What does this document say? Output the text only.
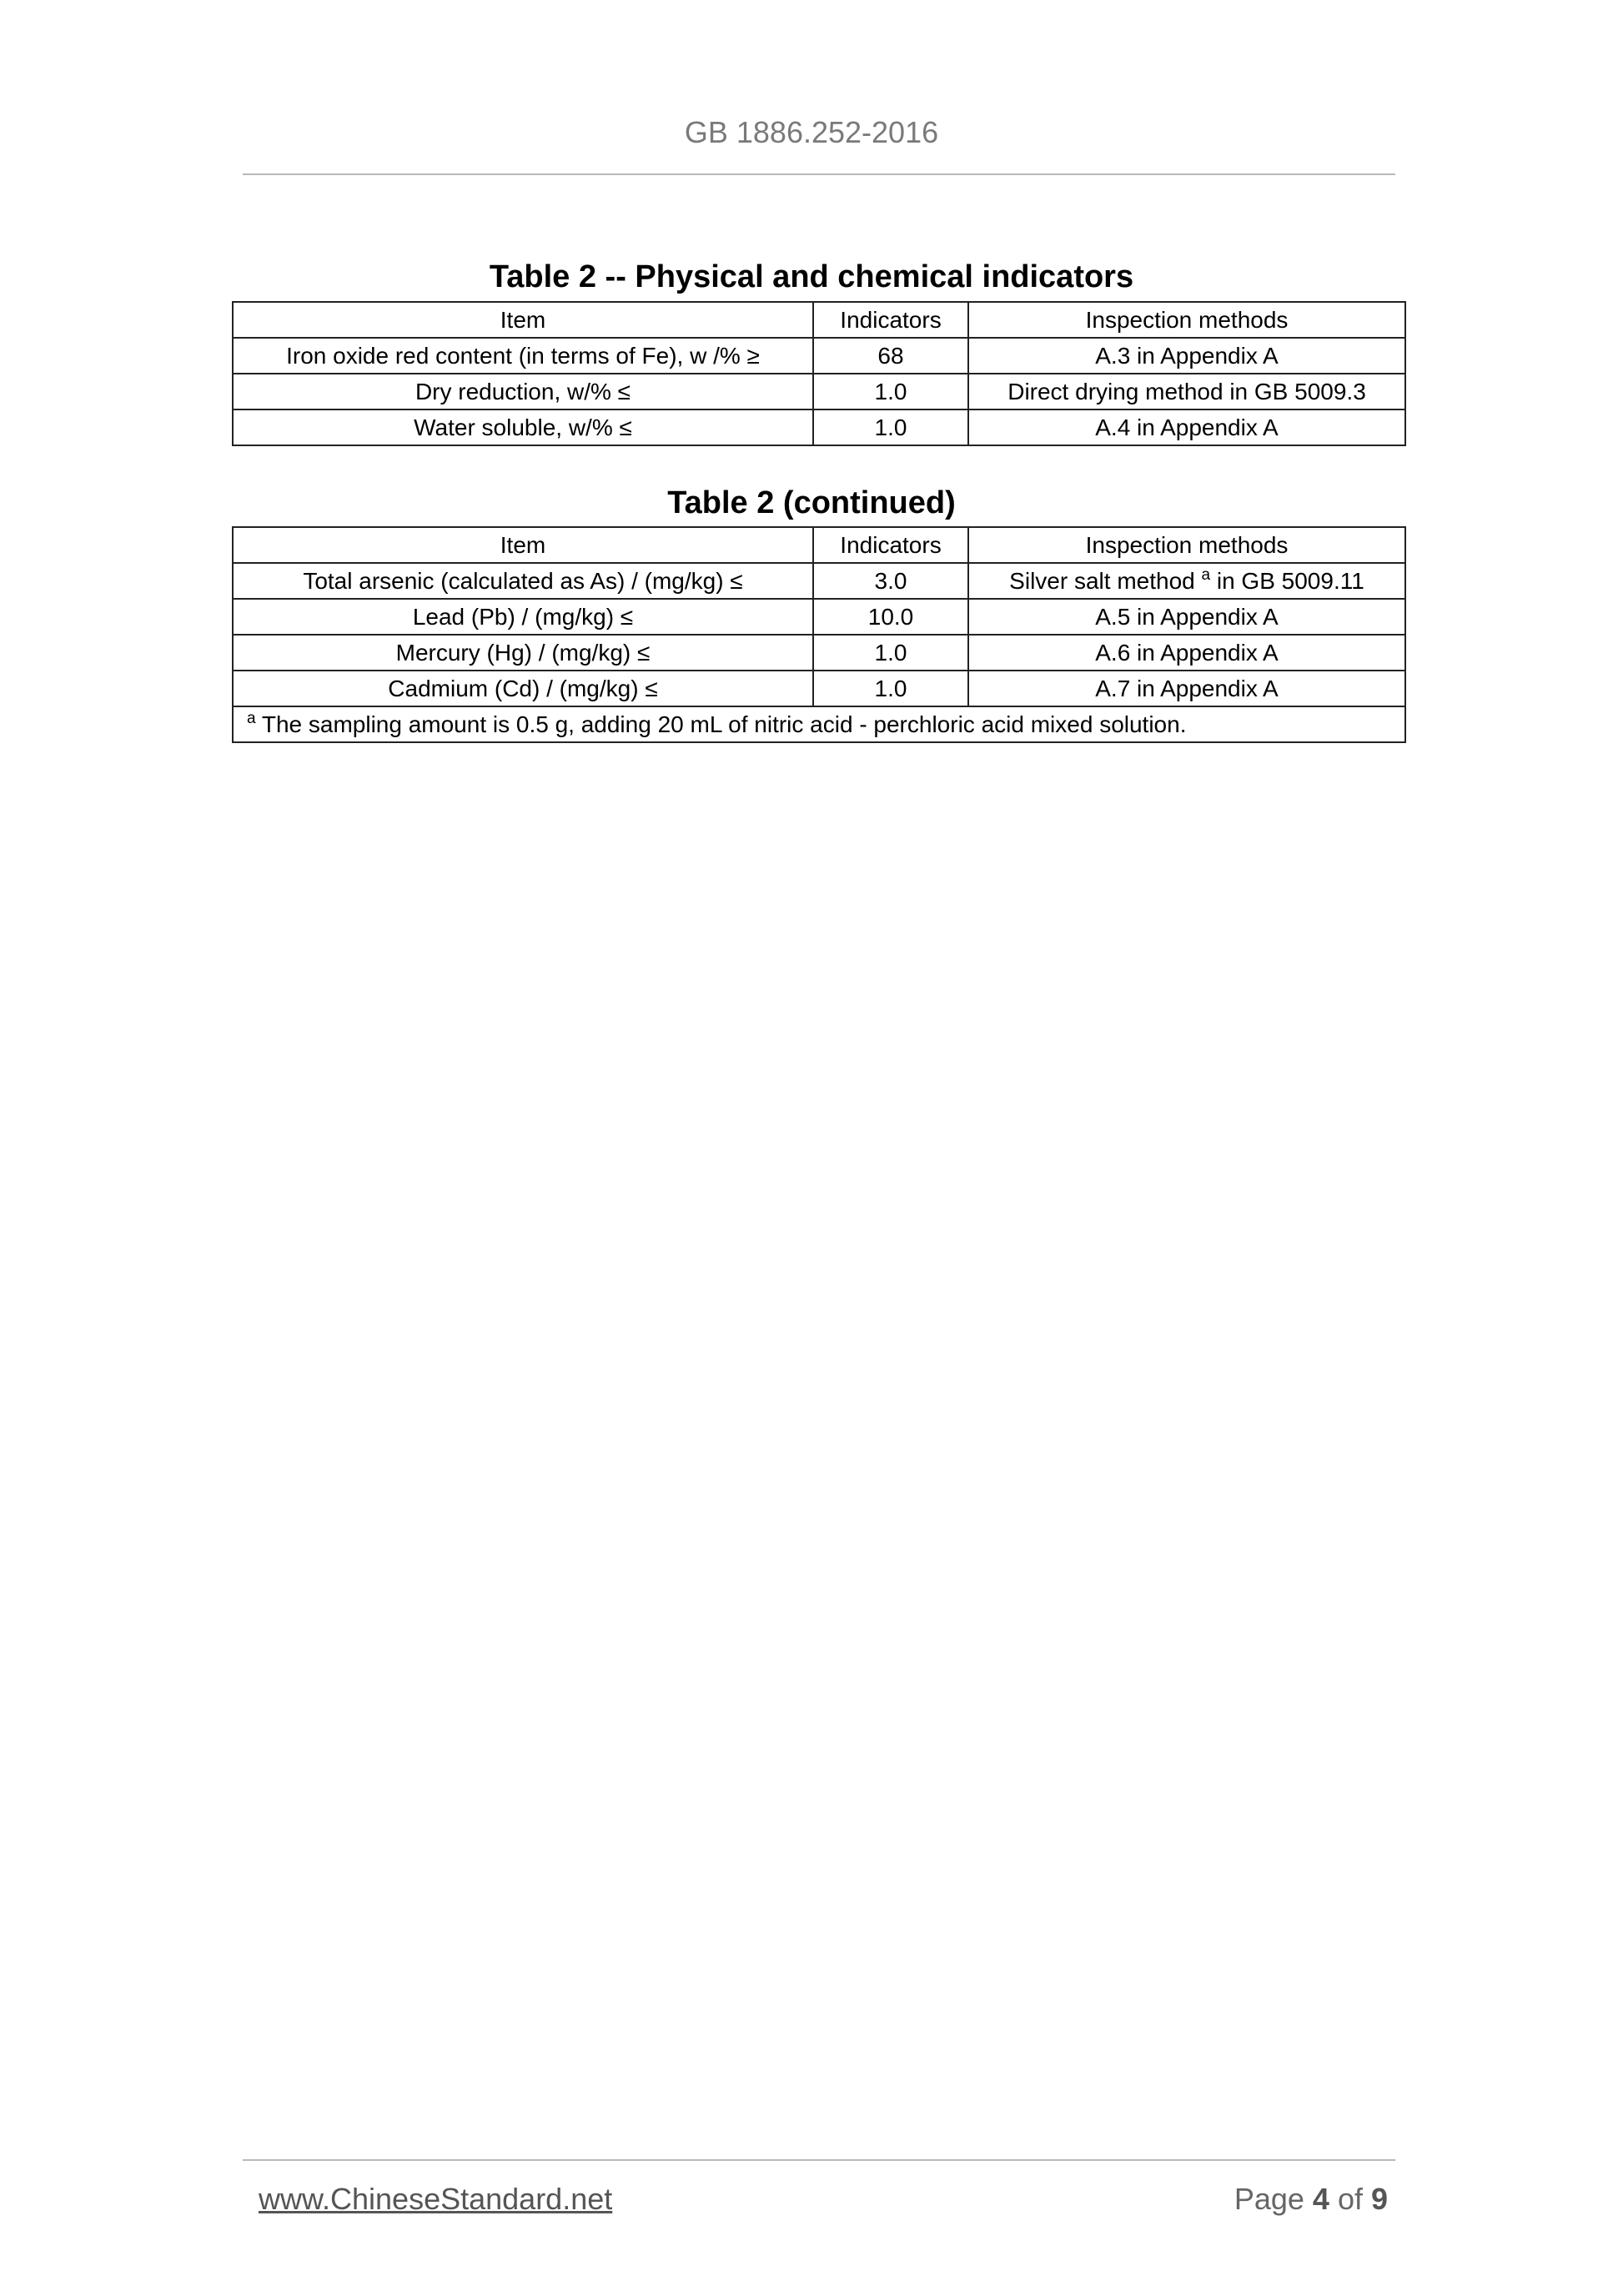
GB 1886.252-2016
Table 2 -- Physical and chemical indicators
Item	Indicators	Inspection methods
Iron oxide red content (in terms of Fe), w /% ≥	68	A.3 in Appendix A
Dry reduction, w/% ≤	1.0	Direct drying method in GB 5009.3
Water soluble, w/% ≤	1.0	A.4 in Appendix A
Table 2 (continued)
Item	Indicators	Inspection methods
Total arsenic (calculated as As) / (mg/kg) ≤	3.0	Silver salt method $^a$ in GB 5009.11
Lead (Pb) / (mg/kg) ≤	10.0	A.5 in Appendix A
Mercury (Hg) / (mg/kg) ≤	1.0	A.6 in Appendix A
Cadmium (Cd) / (mg/kg) ≤	1.0	A.7 in Appendix A
$^a$ The sampling amount is 0.5 g, adding 20 mL of nitric acid - perchloric acid mixed solution.		
www.ChineseStandard.net	Page 4 of 9
